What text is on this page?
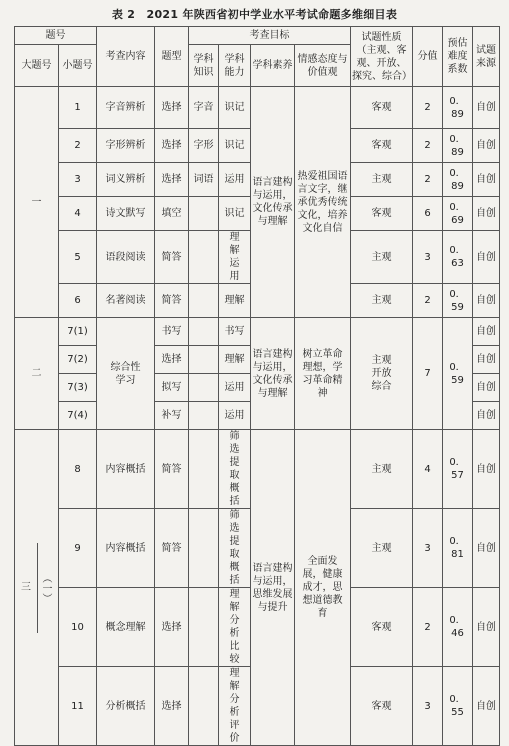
表 2　2021 年陕西省初中学业水平考试命题多维细目表
题号		考查内容	题型	考查目标				试题性质（主观、客观、开放、探究、综合）	分值	预估难度系数	试题来源
大题号	小题号			学科知识	学科能力	学科素养	情感态度与价值观				
一	1	字音辨析	选择	字音	识记	语言建构与运用，文化传承与理解	热爱祖国语言文字，继承优秀传统文化，培养文化自信	客观	2	0．89	自创
	2	字形辨析	选择	字形	识记			客观	2	0．89	自创
	3	词义辨析	选择	词语	运用			主观	2	0．89	自创
	4	诗文默写	填空		识记			客观	6	0．69	自创
	5	语段阅读	简答		理解运用			主观	3	0．63	自创
	6	名著阅读	简答		理解			主观	2	0．59	自创
二	7(1)	综合性学习	书写		书写	语言建构与运用，文化传承与理解	树立革命理想，学习革命精神	主观开放综合	7	0．59	自创
	7(2)		选择		理解						自创
	7(3)		拟写		运用						自创
	7(4)		补写		运用						自创

三 （一）	8	内容概括	简答		筛选提取概括	语言建构与运用，思维发展与提升	全面发展，健康成才，思想道德教育	主观	4	0．57	自创
	9	内容概括	简答		筛选提取概括			主观	3	0．81	自创
	10	概念理解	选择		理解分析比较			客观	2	0．46	自创
	11	分析概括	选择		理解分析评价			客观	3	0．55	自创
